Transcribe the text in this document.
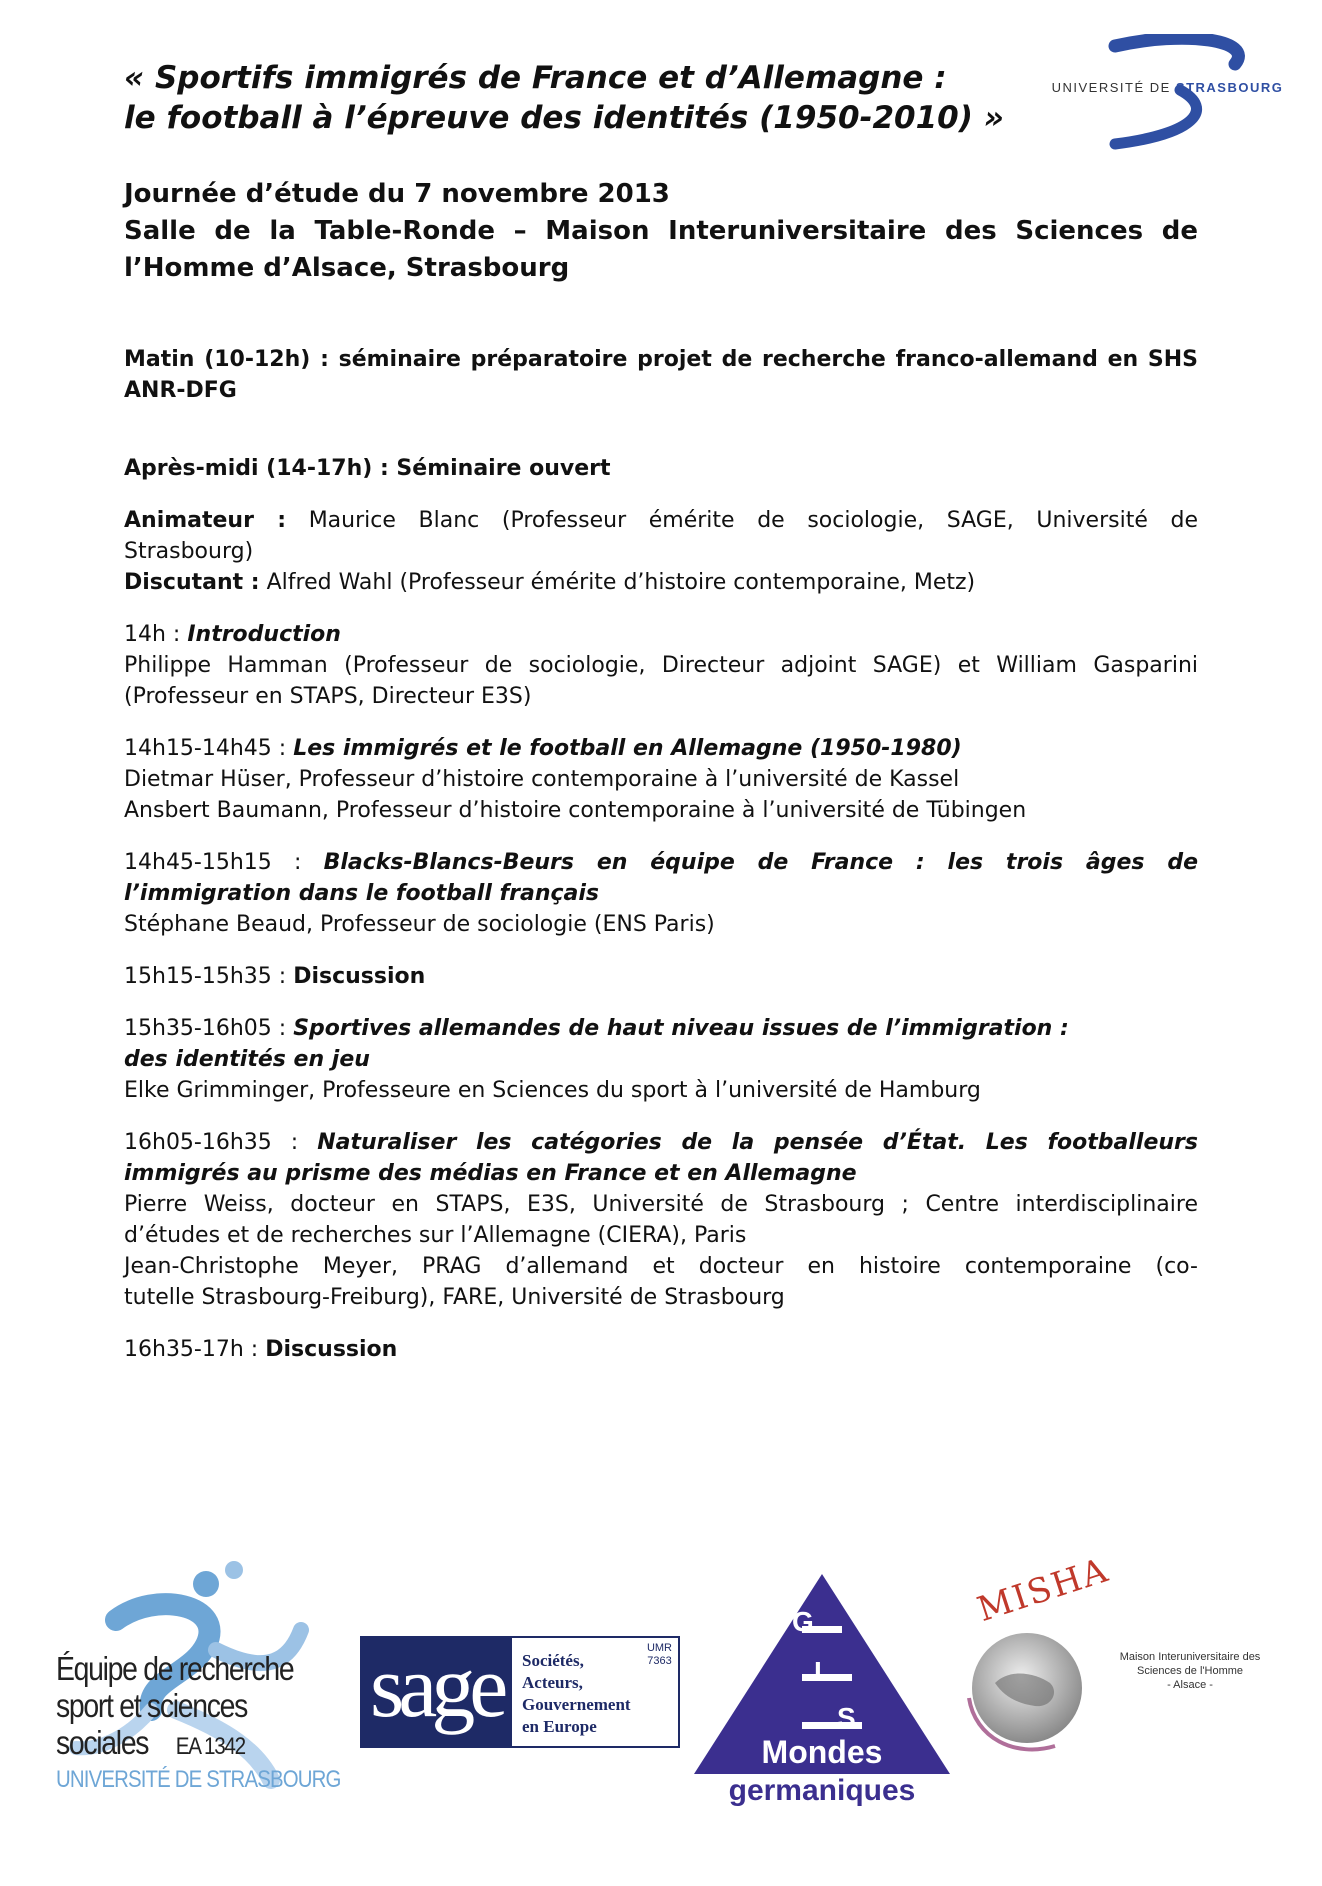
UNIVERSITÉ DE STRASBOURG
« Sportifs immigrés de France et d’Allemagne :
le football à l’épreuve des identités (1950-2010) »
Journée d’étude du 7 novembre 2013
Salle de la Table-Ronde – Maison Interuniversitaire des Sciences de
l’Homme d’Alsace, Strasbourg

Matin (10-12h) : séminaire préparatoire projet de recherche franco-allemand en SHS
ANR-DFG

Après-midi (14-17h) : Séminaire ouvert

Animateur : Maurice Blanc (Professeur émérite de sociologie, SAGE, Université de
Strasbourg)
Discutant : Alfred Wahl (Professeur émérite d’histoire contemporaine, Metz)

14h : Introduction
Philippe Hamman (Professeur de sociologie, Directeur adjoint SAGE) et William Gasparini
(Professeur en STAPS, Directeur E3S)

14h15-14h45 : Les immigrés et le football en Allemagne (1950-1980)
Dietmar Hüser, Professeur d’histoire contemporaine à l’université de Kassel
Ansbert Baumann, Professeur d’histoire contemporaine à l’université de Tübingen

14h45-15h15 : Blacks-Blancs-Beurs en équipe de France : les trois âges de
l’immigration dans le football français
Stéphane Beaud, Professeur de sociologie (ENS Paris)

15h15-15h35 : Discussion

15h35-16h05 : Sportives allemandes de haut niveau issues de l’immigration :
des identités en jeu
Elke Grimminger, Professeure en Sciences du sport à l’université de Hamburg

16h05-16h35 : Naturaliser les catégories de la pensée d’État. Les footballeurs
immigrés au prisme des médias en France et en Allemagne
Pierre Weiss, docteur en STAPS, E3S, Université de Strasbourg ; Centre interdisciplinaire
d’études et de recherches sur l’Allemagne (CIERA), Paris
Jean-Christophe Meyer, PRAG d’allemand et docteur en histoire contemporaine (co-
tutelle Strasbourg-Freiburg), FARE, Université de Strasbourg

16h35-17h : Discussion

Équipe de recherche
sport et sciences
sociales EA 1342
UNIVERSITÉ DE STRASBOURG
sage Sociétés,
Acteurs,
Gouvernement
en Europe
UMR
7363
G
I
S
Mondes
germaniques
MISHA
Maison Interuniversitaire des
Sciences de l'Homme
- Alsace -
